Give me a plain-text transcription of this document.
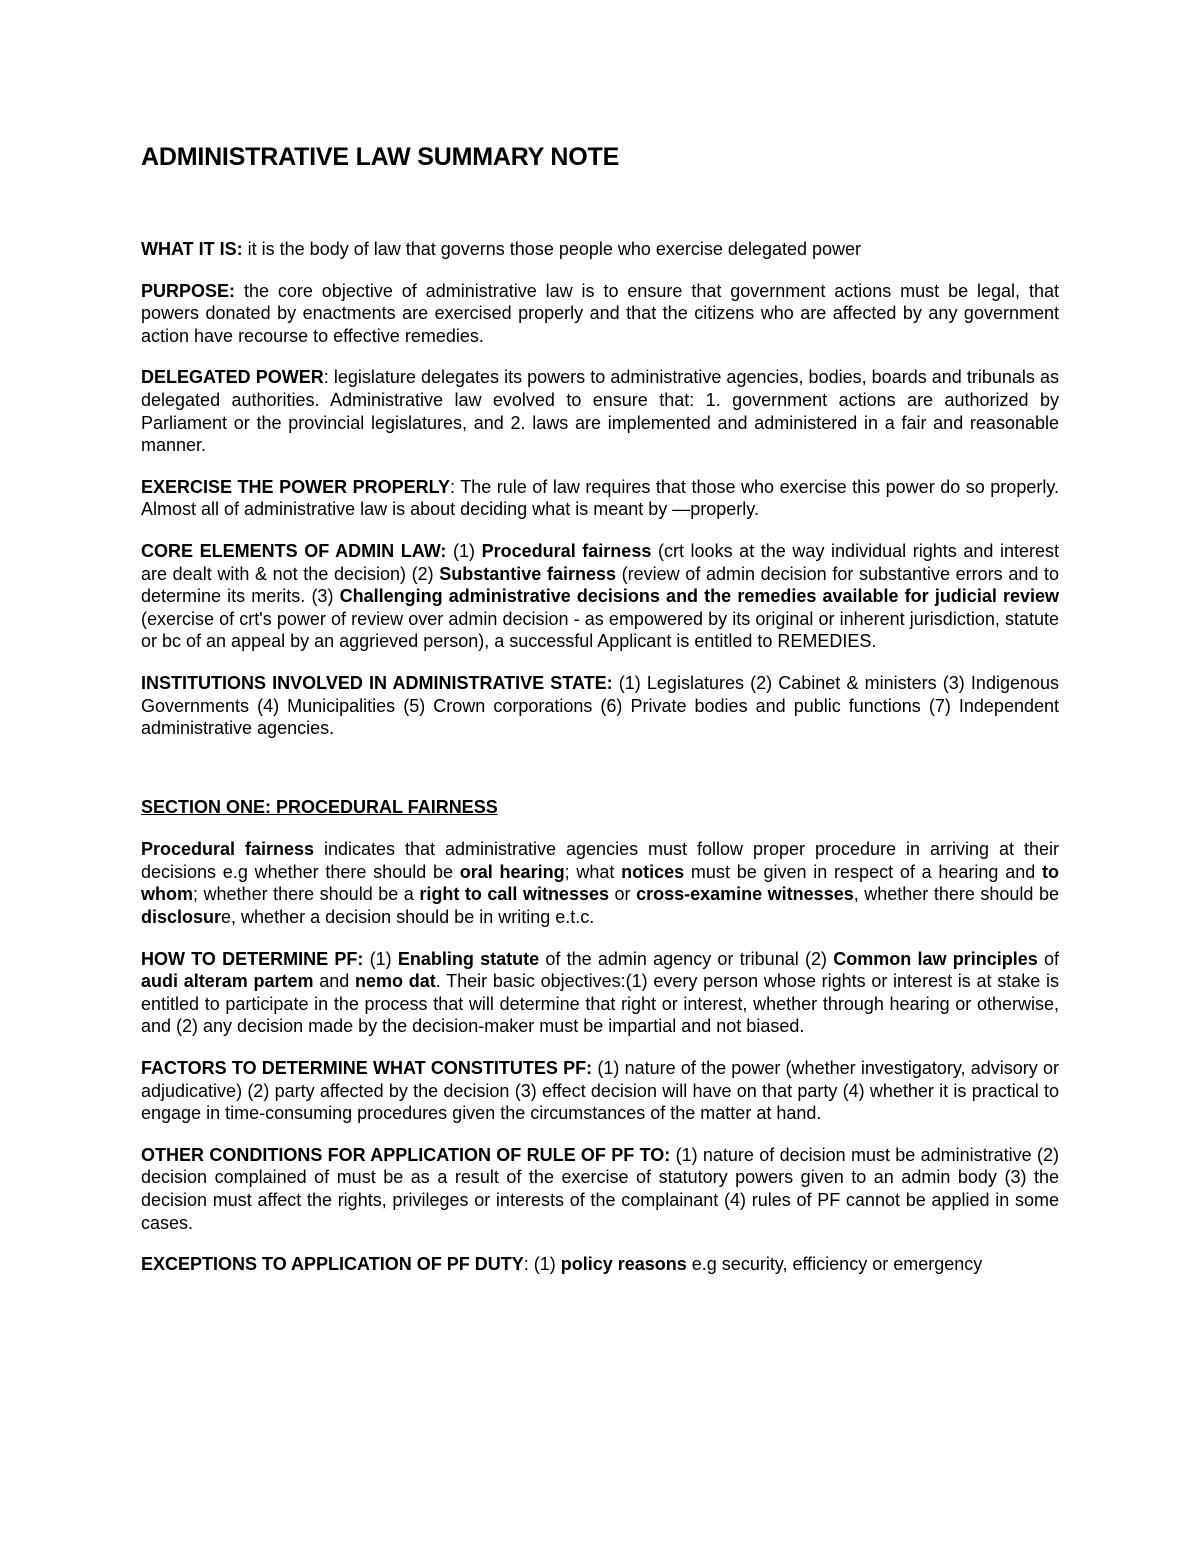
ADMINISTRATIVE LAW SUMMARY NOTE

WHAT IT IS: it is the body of law that governs those people who exercise delegated power

PURPOSE: the core objective of administrative law is to ensure that government actions must be legal, that powers donated by enactments are exercised properly and that the citizens who are affected by any government action have recourse to effective remedies.

DELEGATED POWER: legislature delegates its powers to administrative agencies, bodies, boards and tribunals as delegated authorities. Administrative law evolved to ensure that: 1. government actions are authorized by Parliament or the provincial legislatures, and 2. laws are implemented and administered in a fair and reasonable manner.

EXERCISE THE POWER PROPERLY: The rule of law requires that those who exercise this power do so properly. Almost all of administrative law is about deciding what is meant by —properly.

CORE ELEMENTS OF ADMIN LAW: (1) Procedural fairness (crt looks at the way individual rights and interest are dealt with & not the decision) (2) Substantive fairness (review of admin decision for substantive errors and to determine its merits. (3) Challenging administrative decisions and the remedies available for judicial review (exercise of crt's power of review over admin decision - as empowered by its original or inherent jurisdiction, statute or bc of an appeal by an aggrieved person), a successful Applicant is entitled to REMEDIES.

INSTITUTIONS INVOLVED IN ADMINISTRATIVE STATE: (1) Legislatures (2) Cabinet & ministers (3) Indigenous Governments (4) Municipalities (5) Crown corporations (6) Private bodies and public functions (7) Independent administrative agencies.

SECTION ONE: PROCEDURAL FAIRNESS

Procedural fairness indicates that administrative agencies must follow proper procedure in arriving at their decisions e.g whether there should be oral hearing; what notices must be given in respect of a hearing and to whom; whether there should be a right to call witnesses or cross-examine witnesses, whether there should be disclosure, whether a decision should be in writing e.t.c.

HOW TO DETERMINE PF: (1) Enabling statute of the admin agency or tribunal (2) Common law principles of audi alteram partem and nemo dat. Their basic objectives:(1) every person whose rights or interest is at stake is entitled to participate in the process that will determine that right or interest, whether through hearing or otherwise, and (2) any decision made by the decision-maker must be impartial and not biased.

FACTORS TO DETERMINE WHAT CONSTITUTES PF: (1) nature of the power (whether investigatory, advisory or adjudicative) (2) party affected by the decision (3) effect decision will have on that party (4) whether it is practical to engage in time-consuming procedures given the circumstances of the matter at hand.

OTHER CONDITIONS FOR APPLICATION OF RULE OF PF TO: (1) nature of decision must be administrative (2) decision complained of must be as a result of the exercise of statutory powers given to an admin body (3) the decision must affect the rights, privileges or interests of the complainant (4) rules of PF cannot be applied in some cases.

EXCEPTIONS TO APPLICATION OF PF DUTY: (1) policy reasons e.g security, efficiency or emergency
